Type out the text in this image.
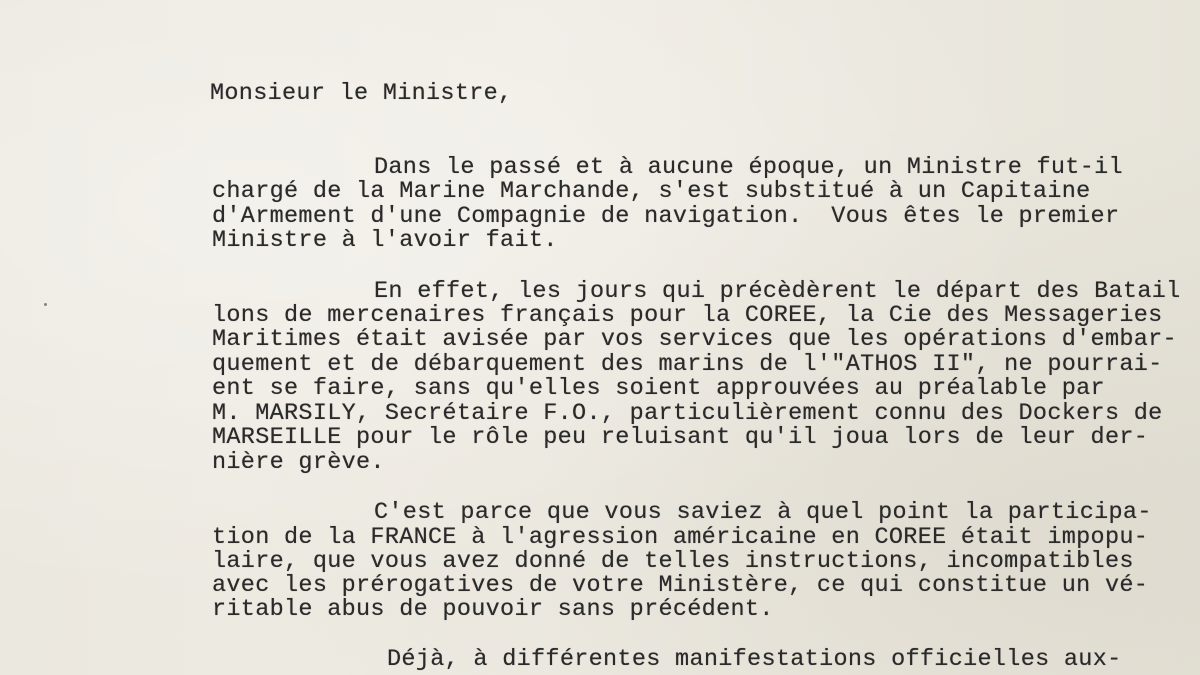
Monsieur le Ministre,

Dans le passé et à aucune époque, un Ministre fut-il

chargé de la Marine Marchande, s'est substitué à un Capitaine

d'Armement d'une Compagnie de navigation.  Vous êtes le premier

Ministre à l'avoir fait.

En effet, les jours qui précèdèrent le départ des Batail

lons de mercenaires français pour la COREE, la Cie des Messageries

Maritimes était avisée par vos services que les opérations d'embar-

quement et de débarquement des marins de l'"ATHOS II", ne pourrai-

ent se faire, sans qu'elles soient approuvées au préalable par

M. MARSILY, Secrétaire F.O., particulièrement connu des Dockers de

MARSEILLE pour le rôle peu reluisant qu'il joua lors de leur der-

nière grève.

C'est parce que vous saviez à quel point la participa-

tion de la FRANCE à l'agression américaine en COREE était impopu-

laire, que vous avez donné de telles instructions, incompatibles

avec les prérogatives de votre Ministère, ce qui constitue un vé-

ritable abus de pouvoir sans précédent.

Déjà, à différentes manifestations officielles aux-
